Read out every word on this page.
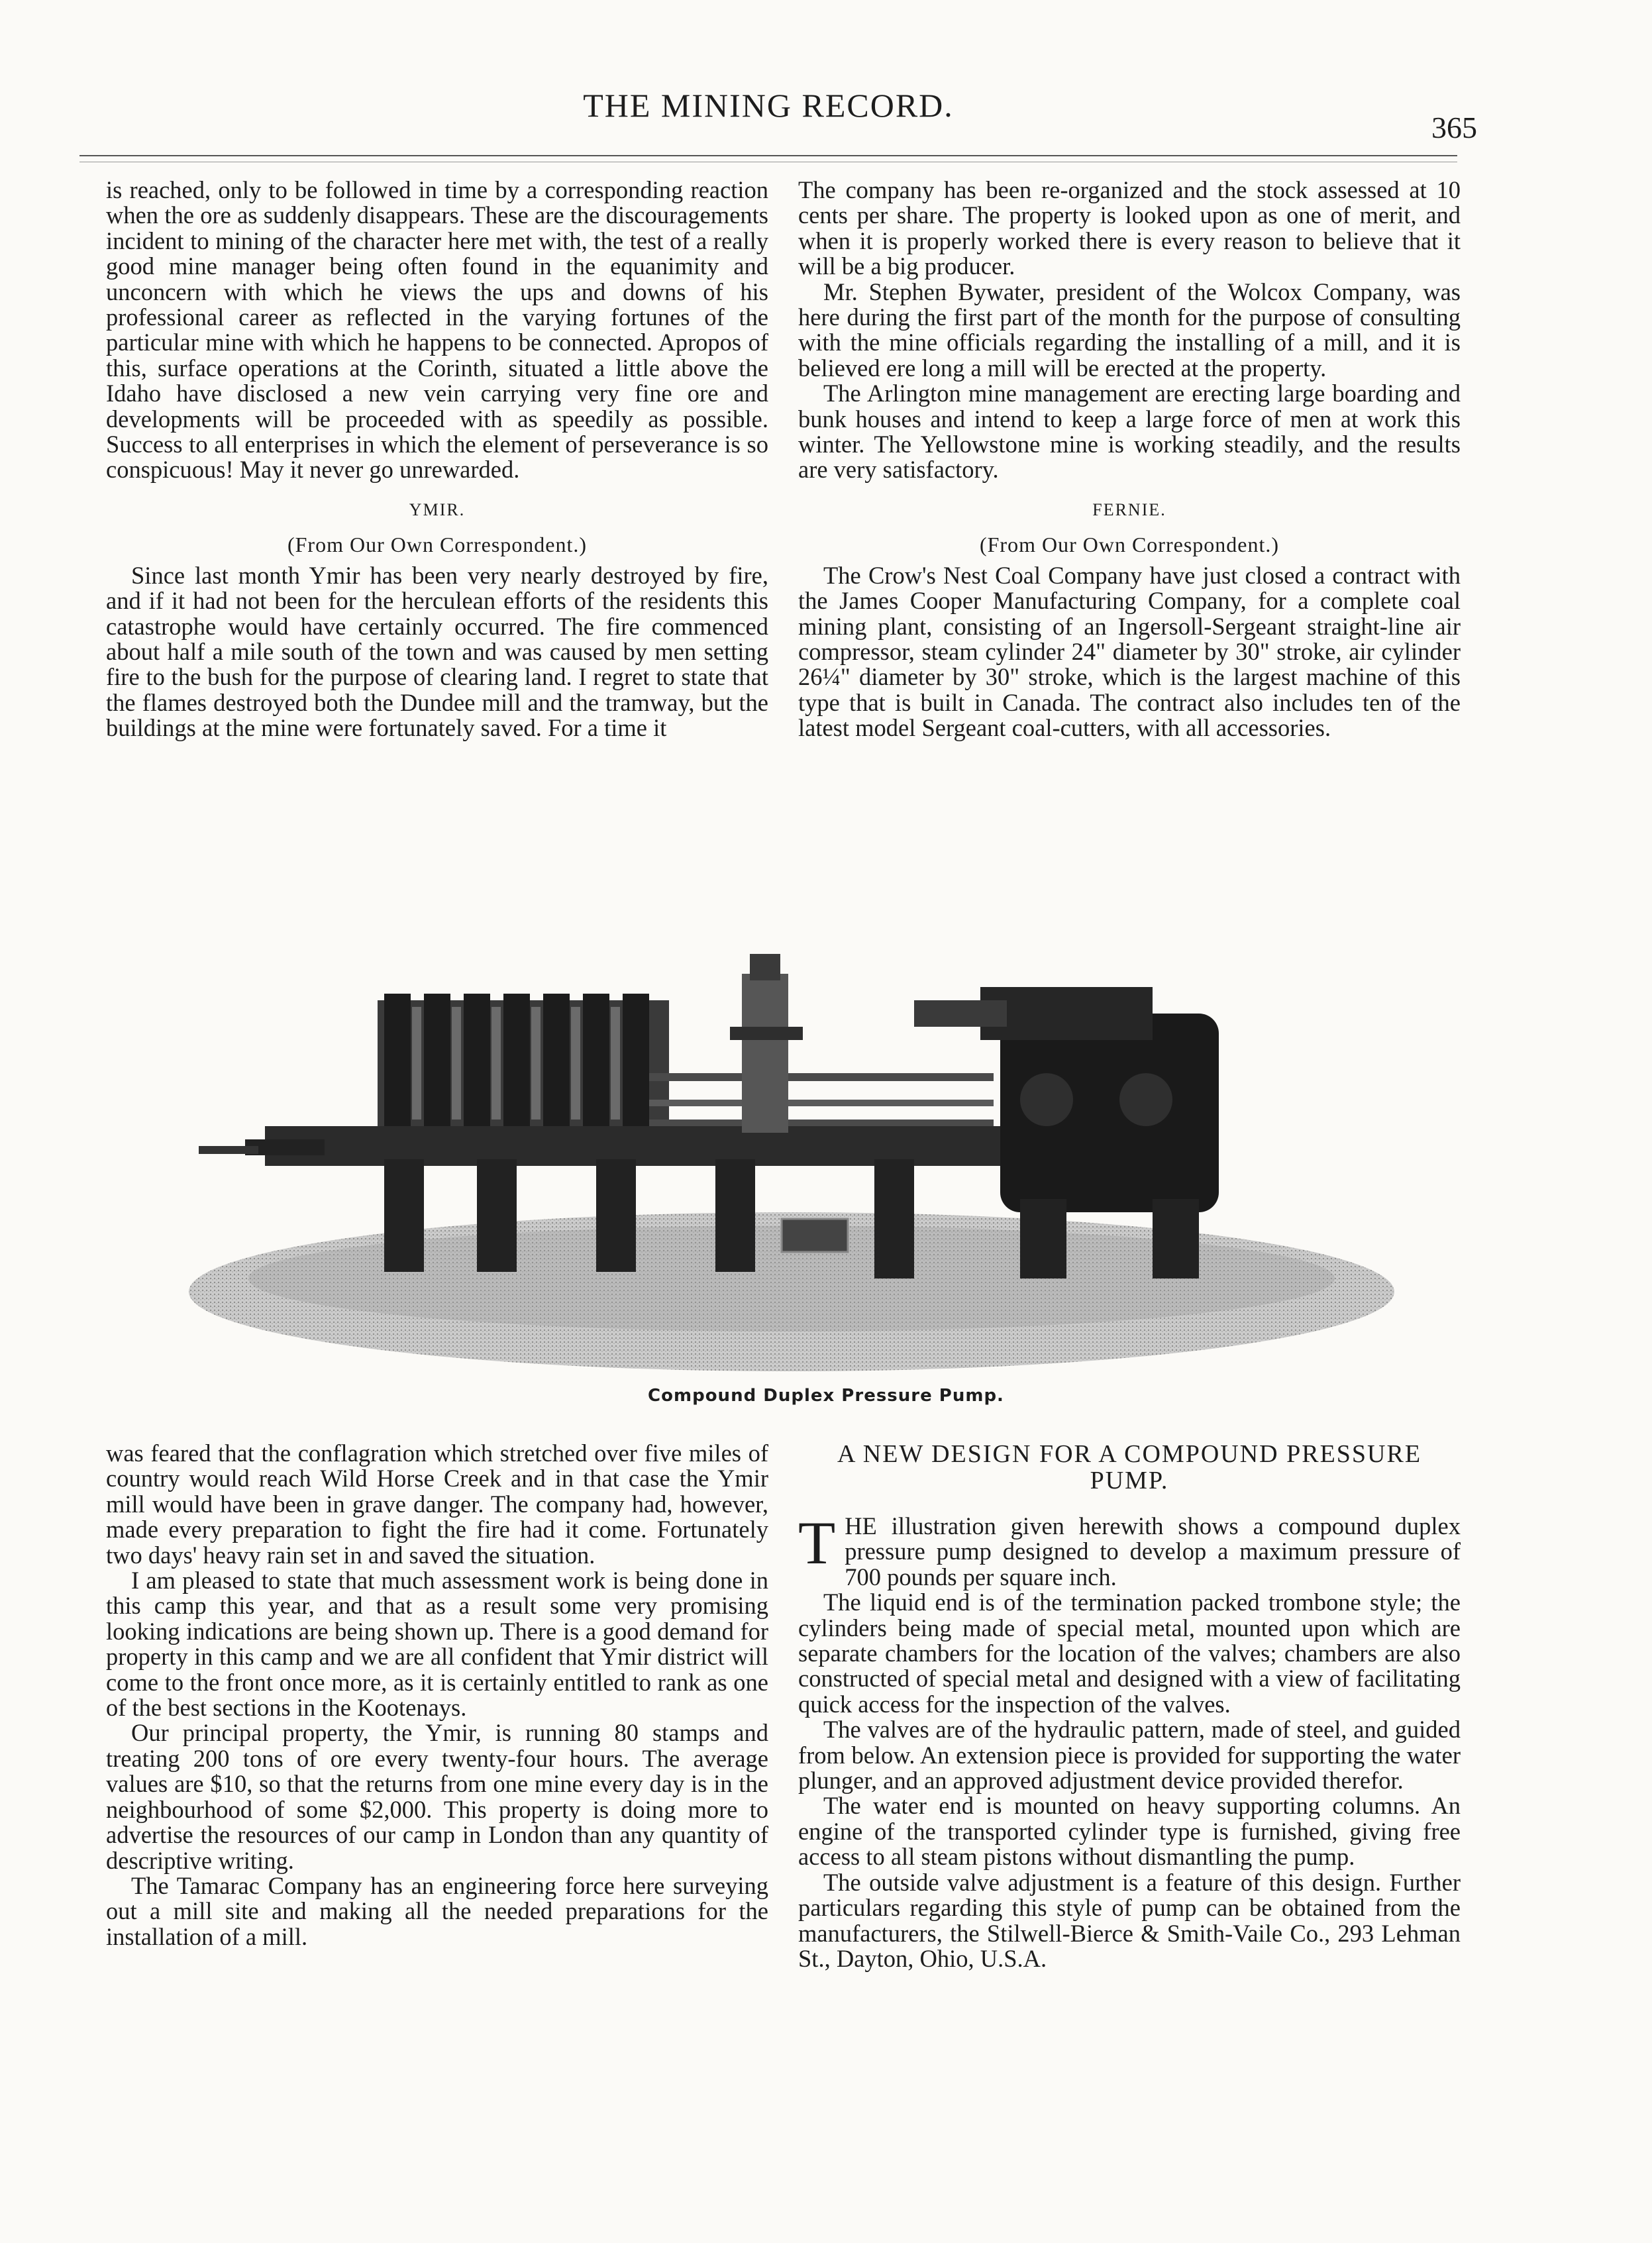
THE MINING RECORD.
365

is reached, only to be followed in time by a corresponding reaction when the ore as suddenly disappears. These are the discouragements incident to mining of the character here met with, the test of a really good mine manager being often found in the equanimity and unconcern with which he views the ups and downs of his professional career as reflected in the varying fortunes of the particular mine with which he happens to be connected. Apropos of this, surface operations at the Corinth, situated a little above the Idaho have disclosed a new vein carrying very fine ore and developments will be proceeded with as speedily as possible. Success to all enterprises in which the element of perseverance is so conspicuous! May it never go unrewarded.

YMIR.
(From Our Own Correspondent.)

Since last month Ymir has been very nearly destroyed by fire, and if it had not been for the herculean efforts of the residents this catastrophe would have certainly occurred. The fire commenced about half a mile south of the town and was caused by men setting fire to the bush for the purpose of clearing land. I regret to state that the flames destroyed both the Dundee mill and the tramway, but the buildings at the mine were fortunately saved. For a time it

The company has been re-organized and the stock assessed at 10 cents per share. The property is looked upon as one of merit, and when it is properly worked there is every reason to believe that it will be a big producer.

Mr. Stephen Bywater, president of the Wolcox Company, was here during the first part of the month for the purpose of consulting with the mine officials regarding the installing of a mill, and it is believed ere long a mill will be erected at the property.

The Arlington mine management are erecting large boarding and bunk houses and intend to keep a large force of men at work this winter. The Yellowstone mine is working steadily, and the results are very satisfactory.

FERNIE.
(From Our Own Correspondent.)

The Crow's Nest Coal Company have just closed a contract with the James Cooper Manufacturing Company, for a complete coal mining plant, consisting of an Ingersoll-Sergeant straight-line air compressor, steam cylinder 24" diameter by 30" stroke, air cylinder 26¼" diameter by 30" stroke, which is the largest machine of this type that is built in Canada. The contract also includes ten of the latest model Sergeant coal-cutters, with all accessories.

Compound Duplex Pressure Pump.

was feared that the conflagration which stretched over five miles of country would reach Wild Horse Creek and in that case the Ymir mill would have been in grave danger. The company had, however, made every preparation to fight the fire had it come. Fortunately two days' heavy rain set in and saved the situation.

I am pleased to state that much assessment work is being done in this camp this year, and that as a result some very promising looking indications are being shown up. There is a good demand for property in this camp and we are all confident that Ymir district will come to the front once more, as it is certainly entitled to rank as one of the best sections in the Kootenays.

Our principal property, the Ymir, is running 80 stamps and treating 200 tons of ore every twenty-four hours. The average values are $10, so that the returns from one mine every day is in the neighbourhood of some $2,000. This property is doing more to advertise the resources of our camp in London than any quantity of descriptive writing.

The Tamarac Company has an engineering force here surveying out a mill site and making all the needed preparations for the installation of a mill.

A NEW DESIGN FOR A COMPOUND PRESSURE PUMP.

THE illustration given herewith shows a compound duplex pressure pump designed to develop a maximum pressure of 700 pounds per square inch.

The liquid end is of the termination packed trombone style; the cylinders being made of special metal, mounted upon which are separate chambers for the location of the valves; chambers are also constructed of special metal and designed with a view of facilitating quick access for the inspection of the valves.

The valves are of the hydraulic pattern, made of steel, and guided from below. An extension piece is provided for supporting the water plunger, and an approved adjustment device provided therefor.

The water end is mounted on heavy supporting columns. An engine of the transported cylinder type is furnished, giving free access to all steam pistons without dismantling the pump.

The outside valve adjustment is a feature of this design. Further particulars regarding this style of pump can be obtained from the manufacturers, the Stilwell-Bierce & Smith-Vaile Co., 293 Lehman St., Dayton, Ohio, U.S.A.
